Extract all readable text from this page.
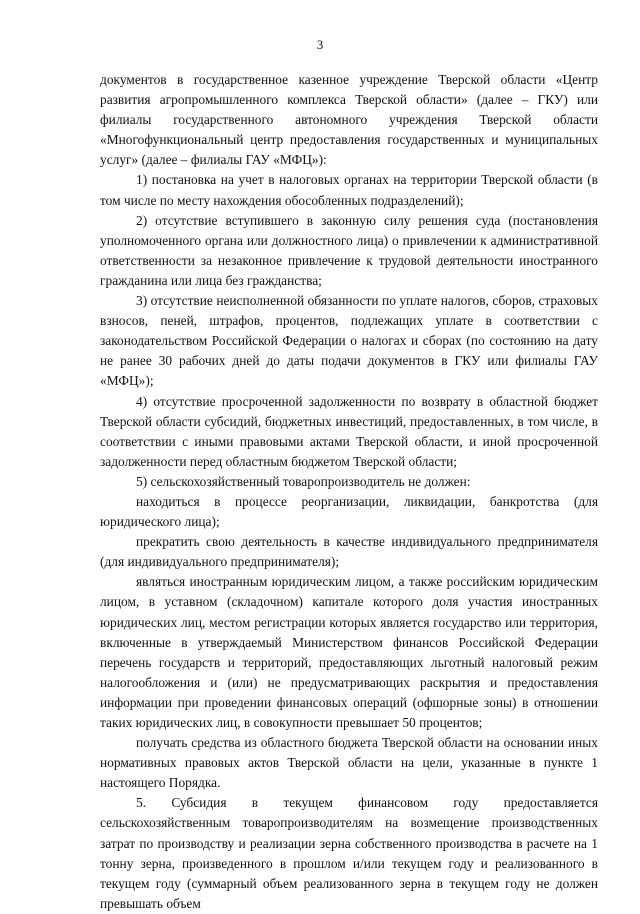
3

документов в государственное казенное учреждение Тверской области «Центр развития агропромышленного комплекса Тверской области» (далее – ГКУ) или филиалы государственного автономного учреждения Тверской области «Многофункциональный центр предоставления государственных и муниципальных услуг» (далее – филиалы ГАУ «МФЦ»):

1) постановка на учет в налоговых органах на территории Тверской области (в том числе по месту нахождения обособленных подразделений);

2) отсутствие вступившего в законную силу решения суда (постановления уполномоченного органа или должностного лица) о привлечении к административной ответственности за незаконное привлечение к трудовой деятельности иностранного гражданина или лица без гражданства;

3) отсутствие неисполненной обязанности по уплате налогов, сборов, страховых взносов, пеней, штрафов, процентов, подлежащих уплате в соответствии с законодательством Российской Федерации о налогах и сборах (по состоянию на дату не ранее 30 рабочих дней до даты подачи документов в ГКУ или филиалы ГАУ «МФЦ»);

4) отсутствие просроченной задолженности по возврату в областной бюджет Тверской области субсидий, бюджетных инвестиций, предоставленных, в том числе, в соответствии с иными правовыми актами Тверской области, и иной просроченной задолженности перед областным бюджетом Тверской области;

5) сельскохозяйственный товаропроизводитель не должен:

находиться в процессе реорганизации, ликвидации, банкротства (для юридического лица);

прекратить свою деятельность в качестве индивидуального предпринимателя (для индивидуального предпринимателя);

являться иностранным юридическим лицом, а также российским юридическим лицом, в уставном (складочном) капитале которого доля участия иностранных юридических лиц, местом регистрации которых является государство или территория, включенные в утверждаемый Министерством финансов Российской Федерации перечень государств и территорий, предоставляющих льготный налоговый режим налогообложения и (или) не предусматривающих раскрытия и предоставления информации при проведении финансовых операций (офшорные зоны) в отношении таких юридических лиц, в совокупности превышает 50 процентов;

получать средства из областного бюджета Тверской области на основании иных нормативных правовых актов Тверской области на цели, указанные в пункте 1 настоящего Порядка.

5. Субсидия в текущем финансовом году предоставляется сельскохозяйственным товаропроизводителям на возмещение производственных затрат по производству и реализации зерна собственного производства в расчете на 1 тонну зерна, произведенного в прошлом и/или текущем году и реализованного в текущем году (суммарный объем реализованного зерна в текущем году не должен превышать объем
